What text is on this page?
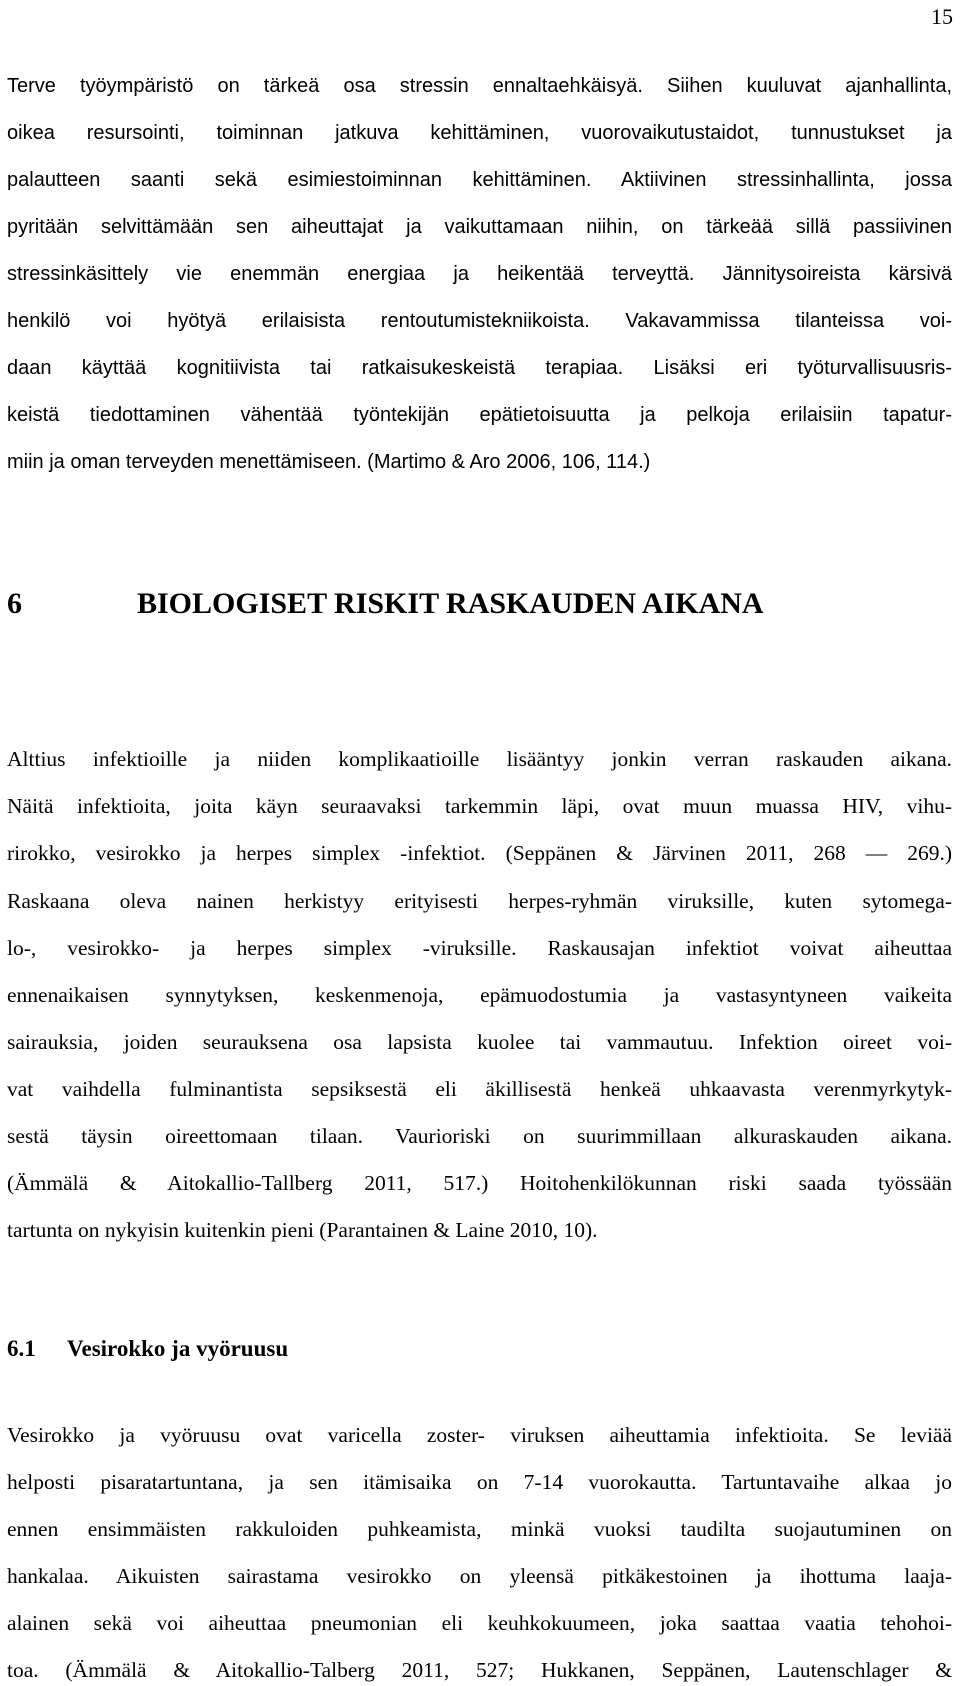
15
Terve työympäristö on tärkeä osa stressin ennaltaehkäisyä. Siihen kuuluvat ajanhallinta,
oikea resursointi, toiminnan jatkuva kehittäminen, vuorovaikutustaidot, tunnustukset ja
palautteen saanti sekä esimiestoiminnan kehittäminen. Aktiivinen stressinhallinta, jossa
pyritään selvittämään sen aiheuttajat ja vaikuttamaan niihin, on tärkeää sillä passiivinen
stressinkäsittely vie enemmän energiaa ja heikentää terveyttä. Jännitysoireista kärsivä
henkilö voi hyötyä erilaisista rentoutumistekniikoista. Vakavammissa tilanteissa voi-
daan käyttää kognitiivista tai ratkaisukeskeistä terapiaa. Lisäksi eri työturvallisuusris-
keistä tiedottaminen vähentää työntekijän epätietoisuutta ja pelkoja erilaisiin tapatur-
miin ja oman terveyden menettämiseen. (Martimo & Aro 2006, 106, 114.)
6	BIOLOGISET RISKIT RASKAUDEN AIKANA
Alttius infektioille ja niiden komplikaatioille lisääntyy jonkin verran raskauden aikana.
Näitä infektioita, joita käyn seuraavaksi tarkemmin läpi, ovat muun muassa HIV, vihu-
rirokko, vesirokko ja herpes simplex -infektiot. (Seppänen & Järvinen 2011, 268 — 269.)
Raskaana oleva nainen herkistyy erityisesti herpes-ryhmän viruksille, kuten sytomega-
lo-, vesirokko- ja herpes simplex -viruksille. Raskausajan infektiot voivat aiheuttaa
ennenaikaisen synnytyksen, keskenmenoja, epämuodostumia ja vastasyntyneen vaikeita
sairauksia, joiden seurauksena osa lapsista kuolee tai vammautuu. Infektion oireet voi-
vat vaihdella fulminantista sepsiksestä eli äkillisestä henkeä uhkaavasta verenmyrkytyk-
sestä täysin oireettomaan tilaan. Vaurioriski on suurimmillaan alkuraskauden aikana.
(Ämmälä & Aitokallio-Tallberg 2011, 517.) Hoitohenkilökunnan riski saada työssään
tartunta on nykyisin kuitenkin pieni (Parantainen & Laine 2010, 10).
6.1 Vesirokko ja vyöruusu
Vesirokko ja vyöruusu ovat varicella zoster- viruksen aiheuttamia infektioita. Se leviää
helposti pisaratartuntana, ja sen itämisaika on 7-14 vuorokautta. Tartuntavaihe alkaa jo
ennen ensimmäisten rakkuloiden puhkeamista, minkä vuoksi taudilta suojautuminen on
hankalaa. Aikuisten sairastama vesirokko on yleensä pitkäkestoinen ja ihottuma laaja-
alainen sekä voi aiheuttaa pneumonian eli keuhkokuumeen, joka saattaa vaatia tehohoi-
toa. (Ämmälä & Aitokallio-Talberg 2011, 527; Hukkanen, Seppänen, Lautenschlager &
